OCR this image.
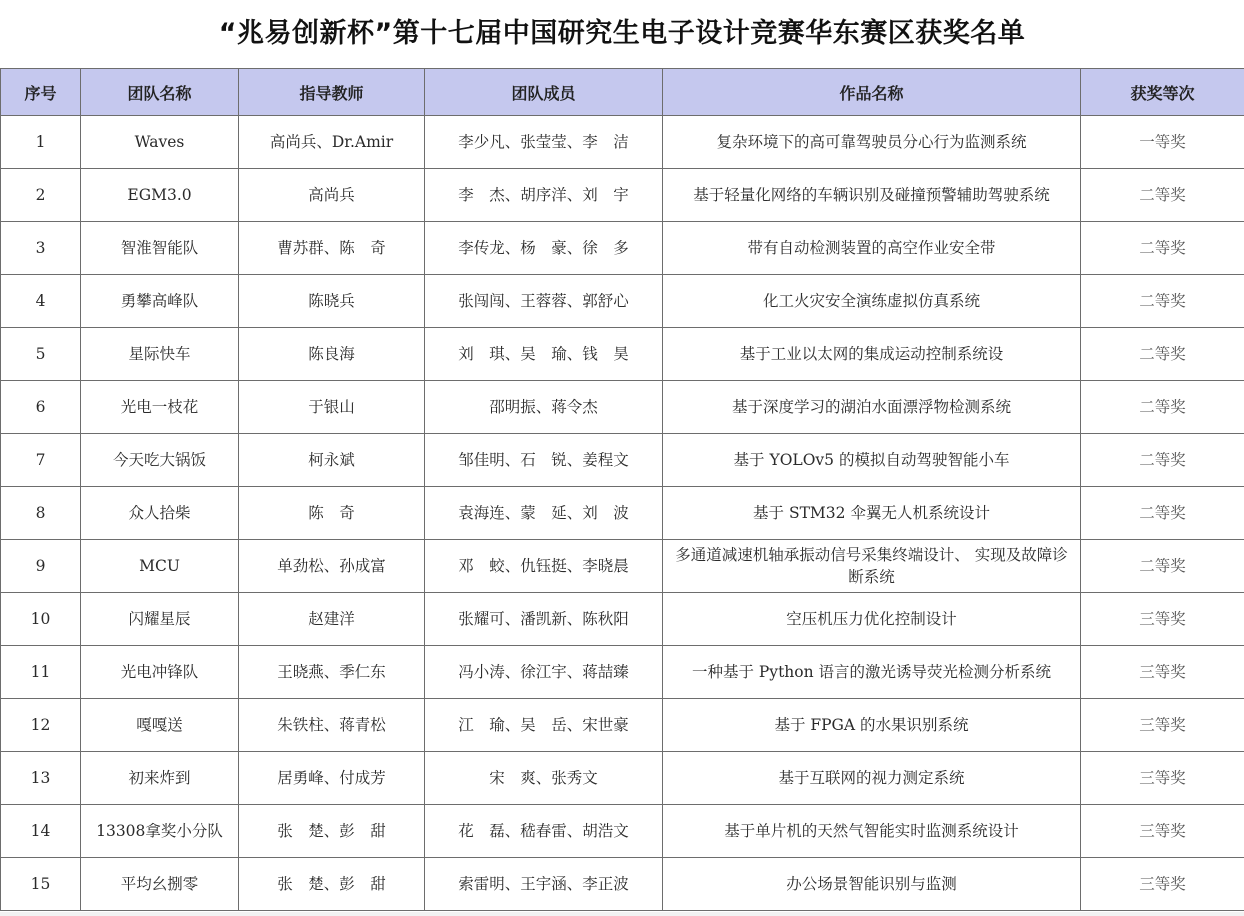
“兆易创新杯”第十七届中国研究生电子设计竞赛华东赛区获奖名单
序号	团队名称	指导教师	团队成员	作品名称	获奖等次
1	Waves	高尚兵、Dr.Amir	李少凡、张莹莹、李　洁	复杂环境下的高可靠驾驶员分心行为监测系统	一等奖
2	EGM3.0	高尚兵	李　杰、胡序洋、刘　宇	基于轻量化网络的车辆识别及碰撞预警辅助驾驶系统	二等奖
3	智淮智能队	曹苏群、陈　奇	李传龙、杨　豪、徐　多	带有自动检测装置的高空作业安全带	二等奖
4	勇攀高峰队	陈晓兵	张闯闯、王蓉蓉、郭舒心	化工火灾安全演练虚拟仿真系统	二等奖
5	星际快车	陈良海	刘　琪、吴　瑜、钱　昊	基于工业以太网的集成运动控制系统设	二等奖
6	光电一枝花	于银山	邵明振、蒋令杰	基于深度学习的湖泊水面漂浮物检测系统	二等奖
7	今天吃大锅饭	柯永斌	邹佳明、石　锐、姜程文	基于 YOLOv5 的模拟自动驾驶智能小车	二等奖
8	众人拾柴	陈　奇	袁海连、蒙　延、刘　波	基于 STM32 伞翼无人机系统设计	二等奖
9	MCU	单劲松、孙成富	邓　蛟、仇钰挺、李晓晨	多通道减速机轴承振动信号采集终端设计、 实现及故障诊断系统	二等奖
10	闪耀星辰	赵建洋	张耀可、潘凯新、陈秋阳	空压机压力优化控制设计	三等奖
11	光电冲锋队	王晓燕、季仁东	冯小涛、徐江宇、蒋喆臻	一种基于 Python 语言的激光诱导荧光检测分析系统	三等奖
12	嘎嘎送	朱铁柱、蒋青松	江　瑜、吴　岳、宋世豪	基于 FPGA 的水果识别系统	三等奖
13	初来炸到	居勇峰、付成芳	宋　爽、张秀文	基于互联网的视力测定系统	三等奖
14	13308拿奖小分队	张　楚、彭　甜	花　磊、嵇春雷、胡浩文	基于单片机的天然气智能实时监测系统设计	三等奖
15	平均幺捌零	张　楚、彭　甜	索雷明、王宇涵、李正波	办公场景智能识别与监测	三等奖
